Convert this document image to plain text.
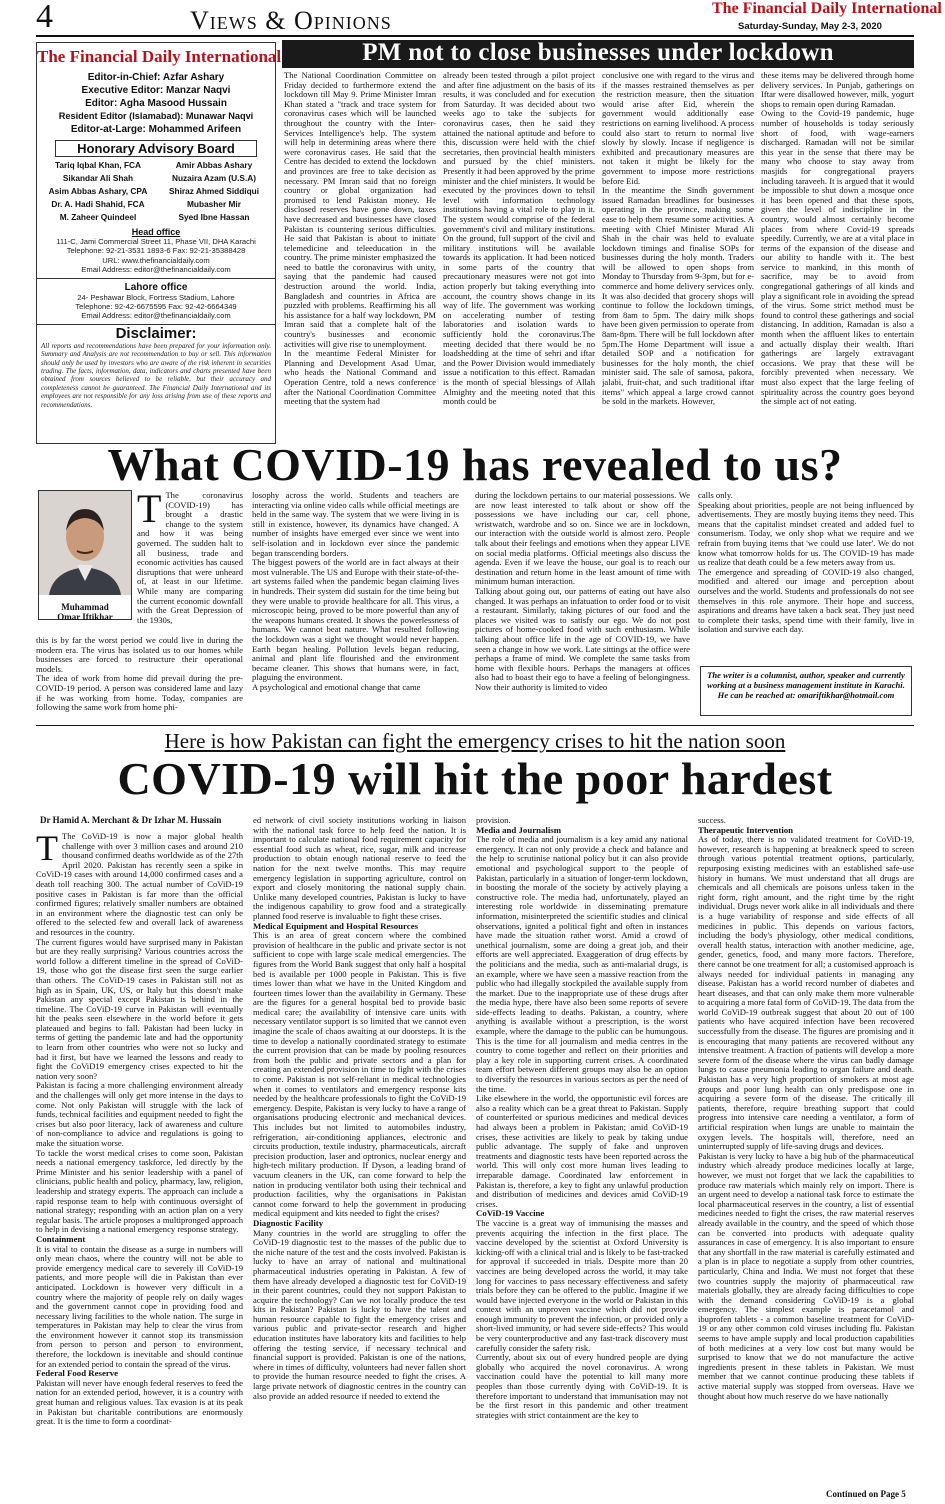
4	Views & Opinions	The Financial Daily International
Saturday-Sunday, May 2-3, 2020
The Financial Daily International

Editor-in-Chief: Azfar Ashary

Executive Editor: Manzar Naqvi

Editor: Agha Masood Hussain

Resident Editor (Islamabad): Munawar Naqvi

Editor-at-Large: Mohammed Arifeen

Honorary Advisory Board

Tariq Iqbal Khan, FCA

Sikandar Ali Shah

Asim Abbas Ashary, CPA

Dr. A. Hadi Shahid, FCA

M. Zaheer Quindeel

Amir Abbas Ashary

Nuzaira Azam (U.S.A)

Shiraz Ahmed Siddiqui

Mubasher Mir

Syed Ibne Hassan

Head office
111-C, Jami Commercial Street 11, Phase VII, DHA Karachi
Telephone: 92-21-3531 1893-6 Fax: 92-21-35388428
URL: www.thefinancialdaily.com
Email Address: editor@thefinancialdaily.com
Lahore office
24- Peshawar Block, Fortress Stadium, Lahore
Telephone: 92-42-6675595 Fax: 92-42-6664349
Email Address: editor@thefinancialdaily.com
Disclaimer:
All reports and recommendations have been prepared for your information only. Summary and Analysis are not recommendation to buy or sell. This information should only be used by investors who are aware of the risk inherent in securities trading. The facts, information, data, indicators and charts presented have been obtained from sources believed to be reliable, but their accuracy and completeness cannot be guaranteed. The Financial Daily International and its employees are not responsible for any loss arising from use of these reports and recommendations.
PM not to close businesses under lockdown
The National Coordination Committee on Friday decided to furthermore extend the lockdown till May 9. Prime Minister Imran Khan stated a "track and trace system for coronavirus cases which will be launched throughout the country with the Inter-Services Intelligence's help. The system will help in determining areas where there were coronavirus cases. He said that the Centre has decided to extend the lockdown and provinces are free to take decision as necessary. PM Imran said that no foreign country or global organization had promised to lend Pakistan money. He disclosed reserves have gone down, taxes have decreased and businesses have closed Pakistan is countering serious difficulties. He said that Pakistan is about to initiate telemedicine and teleeducation in the country. The prime minister emphasized the need to battle the coronavirus with unity, saying that the pandemic had caused destruction around the world. India, Bangladesh and countries in Africa are puzzled with problems. Reaffirming his all his assistance for a half way lockdown, PM Imran said that a complete halt of the country's businesses and economic activities will give rise to unemployment.
In the meantime Federal Minister for Planning and Development Asad Umar, who heads the National Command and Operation Centre, told a news conference after the National Coordination Committee meeting that the system had
already been tested through a pilot project and after fine adjustment on the basis of its results, it was concluded and for execution from Saturday. It was decided about two weeks ago to take the subjects for coronavirus cases, then he said they attained the national aptitude and before to this, discussion were held with the chief secretaries, then provincial health ministers and pursued by the chief ministers. Presently it had been approved by the prime minister and the chief ministers. It would be executed by the provinces down to tehsil level with information technology institutions having a vital role to play in it. The system would comprise of the federal government's civil and military institutions. On the ground, full support of the civil and military institutions will be available towards its application. It had been noticed in some parts of the country that precautionary measures were not got into action properly but taking everything into account, the country shows change in its way of life. The government was working on accelerating number of testing laboratories and isolation wards to sufficiently hold the coronavirus.The meeting decided that there would be no loadshedding at the time of sehri and iftar and the Power Division would immediately issue a notification to this effect. Ramadan is the month of special blessings of Allah Almighty and the meeting noted that this month could be
conclusive one with regard to the virus and if the masses restrained themselves as per the restriction measure, then the situation would arise after Eid, wherein the government would additionally ease restrictions on earning livelihood. A process could also start to return to normal live slowly by slowly. Incase if negligence is exhibited and precautionary measures are not taken it might be likely for the government to impose more restrictions before Eid.
In the meantime the Sindh government issued Ramadan breadlines for businesses operating in the province, making some ease to help them resume some activities. A meeting with Chief Minister Murad Ali Shah in the chair was held to evaluate lockdown timings and finalise SOPs for businesses during the holy month. Traders will be allowed to open shops from Monday to Thursday from 9-3pm, but for e-commerce and home delivery services only. It was also decided that grocery shops will continue to follow the lockdown timings, from 8am to 5pm. The dairy milk shops have been given permission to operate from 8am-8pm. There will be full lockdown after 5pm.The Home Department will issue a detailed SOP and a notification for businesses for the holy month, the chief minister said. The sale of samosa, pakora, jalabi, fruit-chat, and such traditional iftar items" which appeal a large crowd cannot be sold in the markets. However,
these items may be delivered through home delivery services. In Punjab, gatherings on Iftar were disallowed however, milk, yogurt shops to remain open during Ramadan.
Owing to the Covid-19 pandemic, huge number of households is today seriously short of food, with wage-earners discharged. Ramadan will not be similar this year in the sense that there may be many who choose to stay away from masjids for congregational prayers including taraveeh. It is argued that it would be impossible to shut down a mosque once it has been opened and that these spots, given the level of indiscipline in the country, would almost certainly become places from where Covid-19 spreads speedily. Currently, we are at a vital place in terms of the expansion of the disease and our ability to handle with it. The best service to mankind, in this month of sacrifice, may be to avoid from congregational gatherings of all kinds and play a significant role in avoiding the spread of the virus. Some strict method must be found to control these gatherings and social distancing. In addition, Ramadan is also a month when the affluent likes to entertain and actually display their wealth. Iftari gatherings are largely extravagant occasions. We pray that these will be forcibly prevented when necessary. We must also expect that the large feeling of spirituality across the country goes beyond the simple act of not eating.
What COVID-19 has revealed to us?
Muhammad Omar Iftikhar
T The coronavirus (COVID-19) has brought a drastic change to the system and how it was being governed. The sudden halt to all business, trade and economic activities has caused disruptions that were unheard of, at least in our lifetime. While many are comparing the current economic downfall with the Great Depression of the 1930s,
this is by far the worst period we could live in during the modern era. The virus has isolated us to our homes while businesses are forced to restructure their operational models.
The idea of work from home did prevail during the pre-COVID-19 period. A person was considered lame and lazy if he was working from home. Today, companies are following the same work from home phi-
losophy across the world. Students and teachers are interacting via online video calls while official meetings are held in the same way. The system that we were living in is still in existence, however, its dynamics have changed. A number of insights have emerged ever since we went into self-isolation and in lockdown ever since the pandemic began transcending borders.
The biggest powers of the world are in fact always at their most vulnerable. The US and Europe with their state-of-the-art systems failed when the pandemic began claiming lives in hundreds. Their system did sustain for the time being but they were unable to provide healthcare for all. This virus, a microscopic being, proved to be more powerful than any of the weapons humans created. It shows the powerlessness of humans. We cannot beat nature. What resulted following the lockdown was a sight we thought would never happen. Earth began healing. Pollution levels began reducing, animal and plant life flourished and the environment became cleaner. This shows that humans were, in fact, plaguing the environment.
A psychological and emotional change that came
during the lockdown pertains to our material possessions. We are now least interested to talk about or show off the possessions we have including our car, cell phone, wristwatch, wardrobe and so on. Since we are in lockdown, our interaction with the outside world is almost zero. People talk about their feelings and emotions when they appear LIVE on social media platforms. Official meetings also discuss the agenda. Even if we leave the house, our goal is to reach our destination and return home in the least amount of time with minimum human interaction.
Talking about going out, our patterns of eating out have also changed. It was perhaps an infatuation to order food or to visit a restaurant. Similarly, taking pictures of our food and the places we visited was to satisfy our ego. We do not post pictures of home-cooked food with such enthusiasm. While talking about office life in the age of COVID-19, we have seen a change in how we work. Late sittings at the office were perhaps a frame of mind. We complete the same tasks from home with flexible hours. Perhaps the managers at offices also had to boast their ego to have a feeling of belongingness. Now their authority is limited to video
calls only.
Speaking about priorities, people are not being influenced by advertisements. They are mostly buying items they need. This means that the capitalist mindset created and added fuel to consumerism. Today, we only shop what we require and we refrain from buying items that 'we could use later'. We do not know what tomorrow holds for us. The COVID-19 has made us realize that death could be a few meters away from us.
The emergence and spreading of COVID-19 also changed, modified and altered our image and perception about ourselves and the world. Students and professionals do not see themselves in this role anymore. Their hope and success, aspirations and dreams have taken a back seat. They just need to complete their tasks, spend time with their family, live in isolation and survive each day.
The writer is a columnist, author, speaker and currently working at a business management institute in Karachi. He can be reached at: omariftikhar@hotmail.com
Here is how Pakistan can fight the emergency crises to hit the nation soon
COVID-19 will hit the poor hardest
Dr Hamid A. Merchant & Dr Izhar M. Hussain
T The CoViD-19 is now a major global health challenge with over 3 million cases and around 210 thousand confirmed deaths worldwide as of the 27th April 2020. Pakistan has recently seen a spike in CoViD-19 cases with around 14,000 confirmed cases and a death toll reaching 300. The actual number of CoViD-19 positive cases in Pakistan is far more than the official confirmed figures; relatively smaller numbers are obtained in an environment where the diagnostic test can only be offered to the selected few and overall lack of awareness and resources in the country.
The current figures would have surprised many in Pakistan but are they really surprising? Various countries across the world follow a different timeline in the spread of CoViD-19, those who got the disease first seen the surge earlier than others. The CoViD-19 cases in Pakistan still not as high as in Spain, UK, US, or Italy but this doesn't make Pakistan any special except Pakistan is behind in the timeline. The CoViD-19 curve in Pakistan will eventually hit the peaks seen elsewhere in the world before it gets plateaued and begins to fall. Pakistan had been lucky in terms of getting the pandemic late and had the opportunity to learn from other countries who were not so lucky and had it first, but have we learned the lessons and ready to fight the CoViD19 emergency crises expected to hit the nation very soon?
Pakistan is facing a more challenging environment already and the challenges will only get more intense in the days to come. Not only Pakistan will struggle with the lack of funds, technical facilities and equipment needed to fight the crises but also poor literacy, lack of awareness and culture of non-compliance to advice and regulations is going to make the situation worse.
To tackle the worst medical crises to come soon, Pakistan needs a national emergency taskforce, led directly by the Prime Minister and his senior leadership with a panel of clinicians, public health and policy, pharmacy, law, religion, leadership and strategy experts. The approach can include a rapid response team to help with continuous oversight of national strategy; responding with an action plan on a very regular basis. The article proposes a multipronged approach to help in devising a national emergency response strategy.
Containment
It is vital to contain the disease as a surge in numbers will only mean chaos, where the country will not be able to provide emergency medical care to severely ill CoViD-19 patients, and more people will die in Pakistan than ever anticipated. Lockdown is however very difficult in a country where the majority of people rely on daily wages and the government cannot cope in providing food and necessary living facilities to the whole nation. The surge in temperatures in Pakistan may help to clear the virus from the environment however it cannot stop its transmission from person to person and person to environment, therefore, the lockdown is inevitable and should continue for an extended period to contain the spread of the virus.
Federal Food Reserve
Pakistan will never have enough federal reserves to feed the nation for an extended period, however, it is a country with great human and religious values. Tax evasion is at its peak in Pakistan but charitable contributions are enormously great. It is the time to form a coordinat-
ed network of civil society institutions working in liaison with the national task force to help feed the nation. It is important to calculate national food requirement capacity for essential food such as wheat, rice, sugar, milk and increase production to obtain enough national reserve to feed the nation for the next twelve months. This may require emergency legislation in supporting agriculture, control on export and closely monitoring the national supply chain. Unlike many developed countries, Pakistan is lucky to have the indigenous capability to grow food and a strategically planned food reserve is invaluable to fight these crises.
Medical Equipment and Hospital Resources
This is an area of great concern where the combined provision of healthcare in the public and private sector is not sufficient to cope with large scale medical emergencies. The figures from the World Bank suggest that only half a hospital bed is available per 1000 people in Pakistan. This is five times lower than what we have in the United Kingdom and fourteen times lower than the availability in Germany. These are the figures for a general hospital bed to provide basic medical care; the availability of intensive care units with necessary ventilator support is so limited that we cannot even imagine the scale of chaos awaiting at our doorsteps. It is the time to develop a nationally coordinated strategy to estimate the current provision that can be made by pooling resources from both the public and private sectors and a plan for creating an extended provision in time to fight with the crises to come. Pakistan is not self-reliant in medical technologies when it comes to ventilators and emergency response kits needed by the healthcare professionals to fight the CoViD-19 emergency. Despite, Pakistan is very lucky to have a range of organisations producing electronic and mechanical devices. This includes but not limited to automobiles industry, refrigeration, air-conditioning appliances, electronic and circuits production, textile industry, pharmaceuticals, aircraft precision production, laser and optronics, nuclear energy and high-tech military production. If Dyson, a leading brand of vacuum cleaners in the UK, can come forward to help the nation in producing ventilator both using their technical and production facilities, why the organisations in Pakistan cannot come forward to help the government in producing medical equipment and kits needed to fight the crises?
Diagnostic Facility
Many countries in the world are struggling to offer the CoViD-19 diagnostic test to the masses of the public due to the niche nature of the test and the costs involved. Pakistan is lucky to have an array of national and multinational pharmaceutical industries operating in Pakistan. A few of them have already developed a diagnostic test for CoViD-19 in their parent countries, could they not support Pakistan to acquire the technology? Can we not locally produce the test kits in Pakistan? Pakistan is lucky to have the talent and human resource capable to fight the emergency crises and various public and private-sector research and higher education institutes have laboratory kits and facilities to help offering the testing service, if necessary technical and financial support is provided. Pakistan is one of the nations, where in times of difficulty, volunteers had never fallen short to provide the human resource needed to fight the crises. A large private network of diagnostic centres in the country can also provide an added resource if needed to extend the
provision.
Media and Journalism
The role of media and journalism is a key amid any national emergency. It can not only provide a check and balance and the help to scrutinise national policy but it can also provide emotional and psychological support to the people of Pakistan, particularly in a situation of longer-term lockdown, in boosting the morale of the society by actively playing a constructive role. The media had, unfortunately, played an interesting role worldwide in disseminating premature information, misinterpreted the scientific studies and clinical observations, ignited a political fight and often in instances have made the situation rather worst. Amid a crowd of unethical journalism, some are doing a great job, and their efforts are well appreciated. Exaggeration of drug effects by the politicians and the media, such as anti-malarial drugs, is an example, where we have seen a massive reaction from the public who had illegally stockpiled the available supply from the market. Due to the inappropriate use of these drugs after the media hype, there have also been some reports of severe side-effects leading to deaths. Pakistan, a country, where anything is available without a prescription, is the worst example, where the damage to the public can be humungous. This is the time for all journalism and media centres in the country to come together and reflect on their priorities and play a key role in supporting current crises. A coordinated team effort between different groups may also be an option to diversify the resources in various sectors as per the need of the time.
Like elsewhere in the world, the opportunistic evil forces are also a reality which can be a great threat to Pakistan. Supply of counterfeited or spurious medicines and medical devices had always been a problem in Pakistan; amid CoViD-19 crises, these activities are likely to peak by taking undue public advantage. The supply of fake and unproven treatments and diagnostic tests have been reported across the world. This will only cost more human lives leading to irreparable damage. Coordinated law enforcement in Pakistan is, therefore, a key to fight any unlawful production and distribution of medicines and devices amid CoViD-19 crises.
CoViD-19 Vaccine
The vaccine is a great way of immunising the masses and prevents acquiring the infection in the first place. The vaccine developed by the scientist at Oxford University is kicking-off with a clinical trial and is likely to be fast-tracked for approval if succeeded in trials. Despite more than 20 vaccines are being developed across the world, it may take long for vaccines to pass necessary effectiveness and safety trials before they can be offered to the public. Imagine if we would have injected everyone in the world or Pakistan in this context with an unproven vaccine which did not provide enough immunity to prevent the infection, or provided only a short-lived immunity, or had severe side-effects? This would be very counterproductive and any fast-track discovery must carefully consider the safety risk.
Currently, about six out of every hundred people are dying globally who acquired the novel coronavirus. A wrong vaccination could have the potential to kill many more peoples than those currently dying with CoViD-19. It is therefore important to understand that immunisation may not be the first resort in this pandemic and other treatment strategies with strict containment are the key to
success.
Therapeutic Intervention
As of today, there is no validated treatment for CoViD-19, however, research is happening at breakneck speed to screen through various potential treatment options, particularly, repurposing existing medicines with an established safe-use history in humans. We must understand that all drugs are chemicals and all chemicals are poisons unless taken in the right form, right amount, and the right time by the right individual. Drugs never work alike in all individuals and there is a huge variability of response and side effects of all medicines in public. This depends on various factors, including the body's physiology, other medical conditions, overall health status, interaction with another medicine, age, gender, genetics, food, and many more factors. Therefore, there cannot be one treatment for all; a customised approach is always needed for individual patients in managing any disease. Pakistan has a world record number of diabetes and heart diseases, and that can only make them more vulnerable to acquiring a more fatal form of CoViD-19. The data from the world CoViD-19 outbreak suggest that about 20 out of 100 patients who have acquired infection have been recovered successfully from the disease. The figures are promising and it is encouraging that many patients are recovered without any intensive treatment. A fraction of patients will develop a more severe form of the disease where the virus can badly damage lungs to cause pneumonia leading to organ failure and death. Pakistan has a very high proportion of smokers at most age groups and poor lung health can only predispose one in acquiring a severe form of the disease. The critically ill patients, therefore, require breathing support that could progress into intensive care needing a ventilator, a form of artificial respiration when lungs are unable to maintain the oxygen levels. The hospitals will, therefore, need an uninterrupted supply of life-saving drugs and devices.
Pakistan is very lucky to have a big hub of the pharmaceutical industry which already produce medicines locally at large, however, we must not forget that we lack the capabilities to produce raw materials which mainly rely on import. There is an urgent need to develop a national task force to estimate the local pharmaceutical reserves in the country, a list of essential medicines needed to fight the crises, the raw material reserves already available in the country, and the speed of which those can be converted into products with adequate quality assurances in case of emergency. It is also important to ensure that any shortfall in the raw material is carefully estimated and a plan is in place to negotiate a supply from other countries, particularly, China and India. We must not forget that these two countries supply the majority of pharmaceutical raw materials globally, they are already facing difficulties to cope with the demand considering CoViD-19 is a global emergency. The simplest example is paracetamol and ibuprofen tablets - a common baseline treatment for CoViD-19 or any other common cold viruses including flu. Pakistan seems to have ample supply and local production capabilities of both medicines at a very low cost but many would be surprised to know that we do not manufacture the active ingredients present in these tablets in Pakistan. We must member that we cannot continue producing these tablets if active material supply was stopped from overseas. Have we thought about how much reserve do we have nationally
Continued on Page 5
